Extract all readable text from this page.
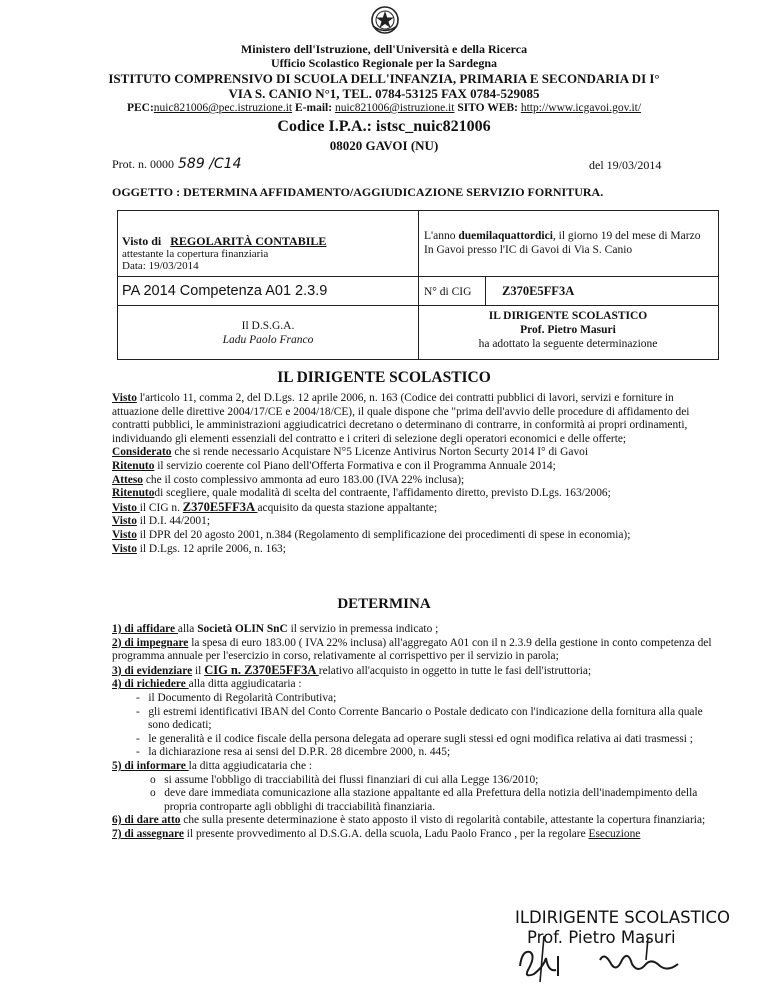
Ministero dell'Istruzione, dell'Università e della Ricerca
Ufficio Scolastico Regionale per la Sardegna
ISTITUTO COMPRENSIVO DI SCUOLA DELL'INFANZIA, PRIMARIA E SECONDARIA DI I°
VIA S. CANIO N°1, TEL. 0784-53125 FAX 0784-529085
PEC:nuic821006@pec.istruzione.it E-mail: nuic821006@istruzione.it SITO WEB: http://www.icgavoi.gov.it/
Codice I.P.A.: istsc_nuic821006
08020 GAVOI (NU)
Prot. n. 0000 589 /C14	del 19/03/2014
OGGETTO : DETERMINA AFFIDAMENTO/AGGIUDICAZIONE SERVIZIO FORNITURA.
Visto di REGOLARITÀ CONTABILE
attestante la copertura finanziaria
Data: 19/03/2014
PA 2014 Competenza A01 2.3.9
Il D.S.G.A.
Ladu Paolo Franco
L'anno duemilaquattordici, il giorno 19 del mese di Marzo
In Gavoi presso l'IC di Gavoi di Via S. Canio
N° di CIG Z370E5FF3A
IL DIRIGENTE SCOLASTICO
Prof. Pietro Masuri
ha adottato la seguente determinazione
IL DIRIGENTE SCOLASTICO

Visto l'articolo 11, comma 2, del D.Lgs. 12 aprile 2006, n. 163 (Codice dei contratti pubblici di lavori, servizi e forniture in attuazione delle direttive 2004/17/CE e 2004/18/CE), il quale dispone che "prima dell'avvio delle procedure di affidamento dei contratti pubblici, le amministrazioni aggiudicatrici decretano o determinano di contrarre, in conformità ai propri ordinamenti, individuando gli elementi essenziali del contratto e i criteri di selezione degli operatori economici e delle offerte;

Considerato che si rende necessario Acquistare N°5 Licenze Antivirus Norton Securty 2014 I° di Gavoi

Ritenuto il servizio coerente col Piano dell'Offerta Formativa e con il Programma Annuale 2014;

Atteso che il costo complessivo ammonta ad euro 183.00 (IVA 22% inclusa);

Ritenutodi scegliere, quale modalità di scelta del contraente, l'affidamento diretto, previsto D.Lgs. 163/2006;

Visto il CIG n. Z370E5FF3A acquisito da questa stazione appaltante;

Visto il D.I. 44/2001;

Visto il DPR del 20 agosto 2001, n.384 (Regolamento di semplificazione dei procedimenti di spese in economia);

Visto il D.Lgs. 12 aprile 2006, n. 163;

DETERMINA

1) di affidare alla Società OLIN SnC il servizio in premessa indicato ;

2) di impegnare la spesa di euro 183.00 ( IVA 22% inclusa) all'aggregato A01 con il n 2.3.9 della gestione in conto competenza del programma annuale per l'esercizio in corso, relativamente al corrispettivo per il servizio in parola;

3) di evidenziare il CIG n. Z370E5FF3A relativo all'acquisto in oggetto in tutte le fasi dell'istruttoria;

4) di richiedere alla ditta aggiudicataria :

-   il Documento di Regolarità Contributiva;

-   gli estremi identificativi IBAN del Conto Corrente Bancario o Postale dedicato con l'indicazione della fornitura alla quale sono dedicati;

-   le generalità e il codice fiscale della persona delegata ad operare sugli stessi ed ogni modifica relativa ai dati trasmessi ;

-   la dichiarazione resa ai sensi del D.P.R. 28 dicembre 2000, n. 445;

5) di informare la ditta aggiudicataria che :

o   si assume l'obbligo di tracciabilità dei flussi finanziari di cui alla Legge 136/2010;

o   deve dare immediata comunicazione alla stazione appaltante ed alla Prefettura della notizia dell'inadempimento della propria controparte agli obblighi di tracciabilità finanziaria.

6) di dare atto che sulla presente determinazione è stato apposto il visto di regolarità contabile, attestante la copertura finanziaria;

7) di assegnare il presente provvedimento al D.S.G.A. della scuola, Ladu Paolo Franco , per la regolare Esecuzione

ILDIRIGENTE SCOLASTICO
Prof. Pietro Masuri
